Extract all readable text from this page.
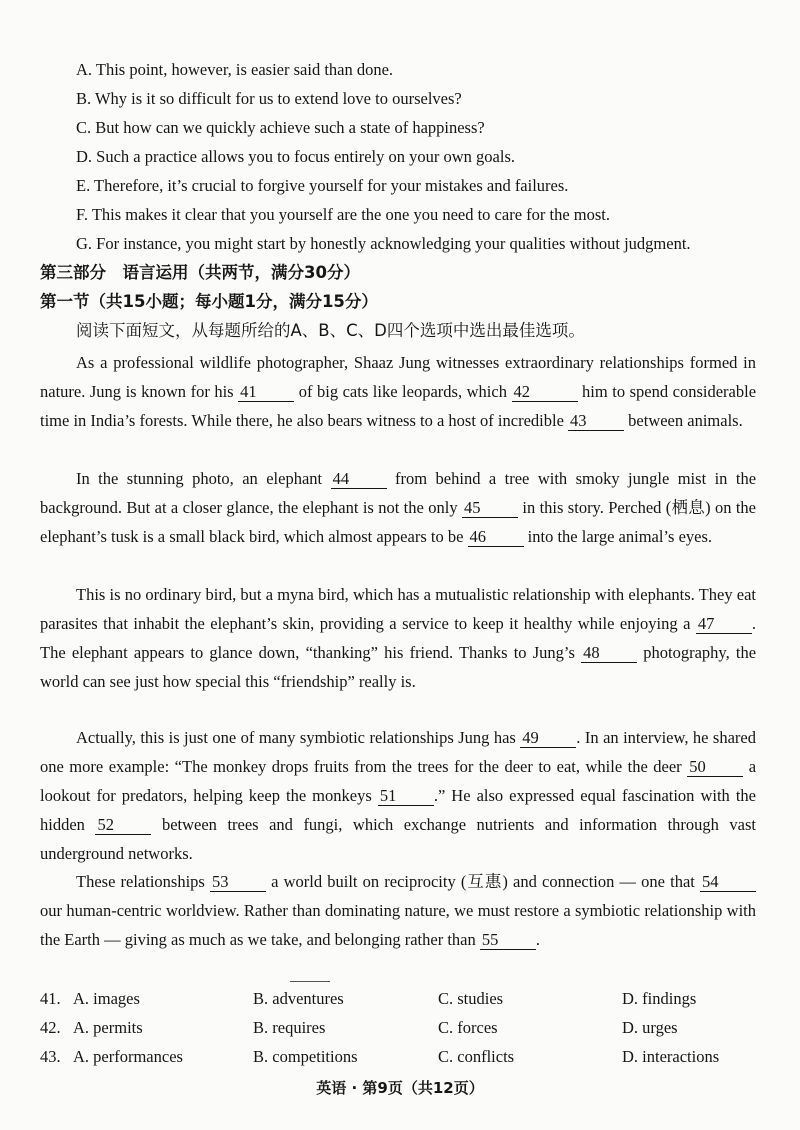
A. This point, however, is easier said than done.
B. Why is it so difficult for us to extend love to ourselves?
C. But how can we quickly achieve such a state of happiness?
D. Such a practice allows you to focus entirely on your own goals.
E. Therefore, it’s crucial to forgive yourself for your mistakes and failures.
F. This makes it clear that you yourself are the one you need to care for the most.
G. For instance, you might start by honestly acknowledging your qualities without judgment.
第三部分　语言运用（共两节，满分30分）
第一节（共15小题；每小题1分，满分15分）
阅读下面短文，从每题所给的A、B、C、D四个选项中选出最佳选项。
As a professional wildlife photographer, Shaaz Jung witnesses extraordinary relationships formed in nature. Jung is known for his 41	of big cats like leopards, which 42	him to spend considerable time in India’s forests. While there, he also bears witness to a host of incredible 43	between animals.
In the stunning photo, an elephant 44	from behind a tree with smoky jungle mist in the background. But at a closer glance, the elephant is not the only 45	in this story. Perched (栖息) on the elephant’s tusk is a small black bird, which almost appears to be 46	into the large animal’s eyes.
This is no ordinary bird, but a myna bird, which has a mutualistic relationship with elephants. They eat parasites that inhabit the elephant’s skin, providing a service to keep it healthy while enjoying a 47 . The elephant appears to glance down, “thanking” his friend. Thanks to Jung’s 48	photography, the world can see just how special this “friendship” really is.
Actually, this is just one of many symbiotic relationships Jung has 49 . In an interview, he shared one more example: “The monkey drops fruits from the trees for the deer to eat, while the deer 50	a lookout for predators, helping keep the monkeys 51 .” He also expressed equal fascination with the hidden 52	between trees and fungi, which exchange nutrients and information through vast underground networks.
These relationships 53	a world built on reciprocity (互惠) and connection — one that 54 our human-centric worldview. Rather than dominating nature, we must restore a symbiotic relationship with the Earth — giving as much as we take, and belonging rather than 55 .
41. A. images	B. adventures	C. studies	D. findings
42. A. permits	B. requires	C. forces	D. urges
43. A. performances	B. competitions	C. conflicts	D. interactions
英语 · 第9页（共12页）
